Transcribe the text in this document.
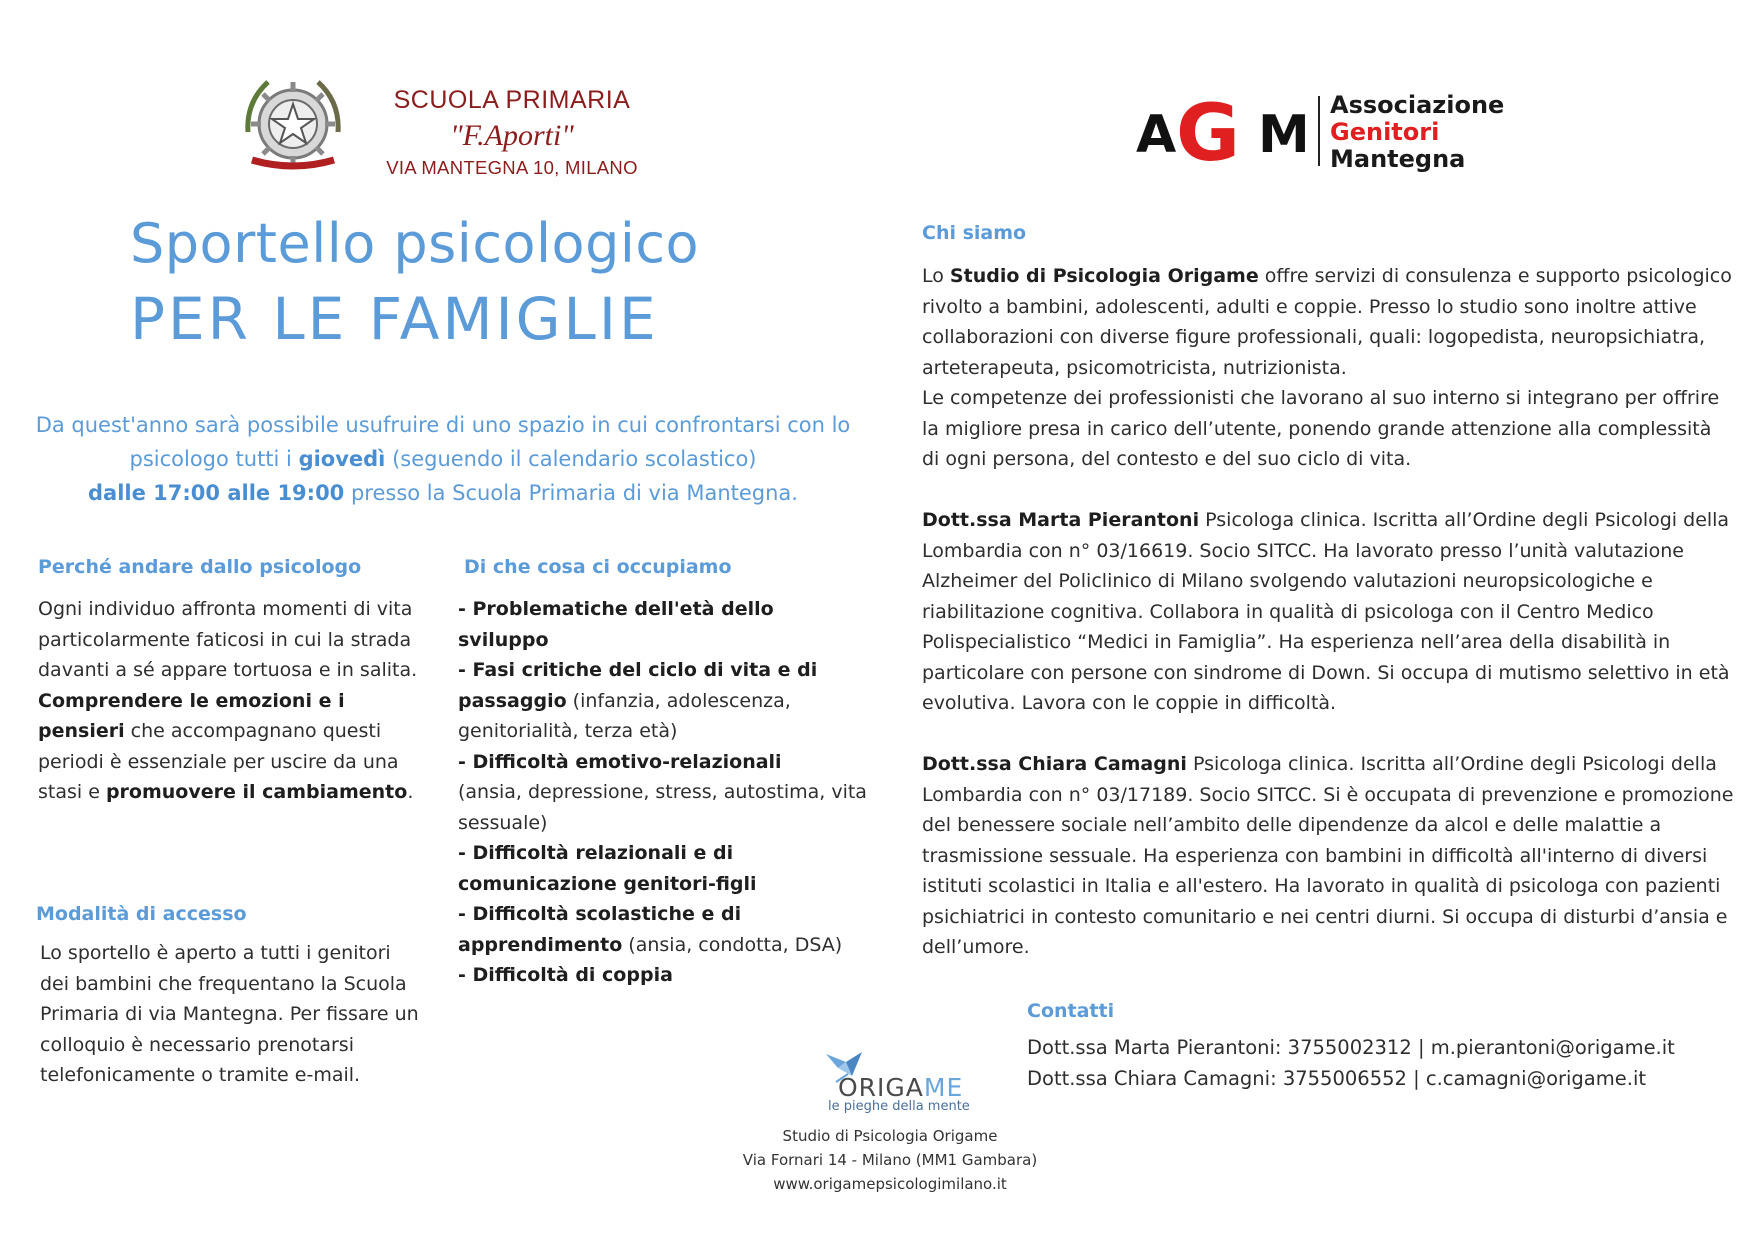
SCUOLA PRIMARIA
"F.Aporti"
VIA MANTEGNA 10, MILANO
A G M Associazione
Genitori
Mantegna
Sportello psicologico
PER LE FAMIGLIE
Da quest'anno sarà possibile usufruire di uno spazio in cui confrontarsi con lo psicologo tutti i giovedì (seguendo il calendario scolastico)
dalle 17:00 alle 19:00 presso la Scuola Primaria di via Mantegna.
Perché andare dallo psicologo
Ogni individuo affronta momenti di vita particolarmente faticosi in cui la strada davanti a sé appare tortuosa e in salita.
Comprendere le emozioni e i pensieri che accompagnano questi periodi è essenziale per uscire da una stasi e promuovere il cambiamento.
Di che cosa ci occupiamo
- Problematiche dell'età dello sviluppo
- Fasi critiche del ciclo di vita e di passaggio (infanzia, adolescenza, genitorialità, terza età)
- Difficoltà emotivo-relazionali
(ansia, depressione, stress, autostima, vita sessuale)
- Difficoltà relazionali e di comunicazione genitori-figli
- Difficoltà scolastiche e di apprendimento (ansia, condotta, DSA)
- Difficoltà di coppia
Modalità di accesso
Lo sportello è aperto a tutti i genitori dei bambini che frequentano la Scuola Primaria di via Mantegna. Per fissare un colloquio è necessario prenotarsi telefonicamente o tramite e-mail.
Chi siamo
Lo Studio di Psicologia Origame offre servizi di consulenza e supporto psicologico rivolto a bambini, adolescenti, adulti e coppie. Presso lo studio sono inoltre attive collaborazioni con diverse figure professionali, quali: logopedista, neuropsichiatra, arteterapeuta, psicomotricista, nutrizionista.
Le competenze dei professionisti che lavorano al suo interno si integrano per offrire la migliore presa in carico dell’utente, ponendo grande attenzione alla complessità di ogni persona, del contesto e del suo ciclo di vita.
Dott.ssa Marta Pierantoni Psicologa clinica. Iscritta all’Ordine degli Psicologi della Lombardia con n° 03/16619. Socio SITCC. Ha lavorato presso l’unità valutazione Alzheimer del Policlinico di Milano svolgendo valutazioni neuropsicologiche e riabilitazione cognitiva. Collabora in qualità di psicologa con il Centro Medico Polispecialistico “Medici in Famiglia”. Ha esperienza nell’area della disabilità in particolare con persone con sindrome di Down. Si occupa di mutismo selettivo in età evolutiva. Lavora con le coppie in difficoltà.
Dott.ssa Chiara Camagni Psicologa clinica. Iscritta all’Ordine degli Psicologi della Lombardia con n° 03/17189. Socio SITCC. Si è occupata di prevenzione e promozione del benessere sociale nell’ambito delle dipendenze da alcol e delle malattie a trasmissione sessuale. Ha esperienza con bambini in difficoltà all'interno di diversi istituti scolastici in Italia e all'estero. Ha lavorato in qualità di psicologa con pazienti psichiatrici in contesto comunitario e nei centri diurni. Si occupa di disturbi d’ansia e dell’umore.
Contatti
Dott.ssa Marta Pierantoni: 3755002312 | m.pierantoni@origame.it
Dott.ssa Chiara Camagni: 3755006552 | c.camagni@origame.it
ORIGAME
le pieghe della mente
Studio di Psicologia Origame
Via Fornari 14 - Milano (MM1 Gambara)
www.origamepsicologimilano.it
